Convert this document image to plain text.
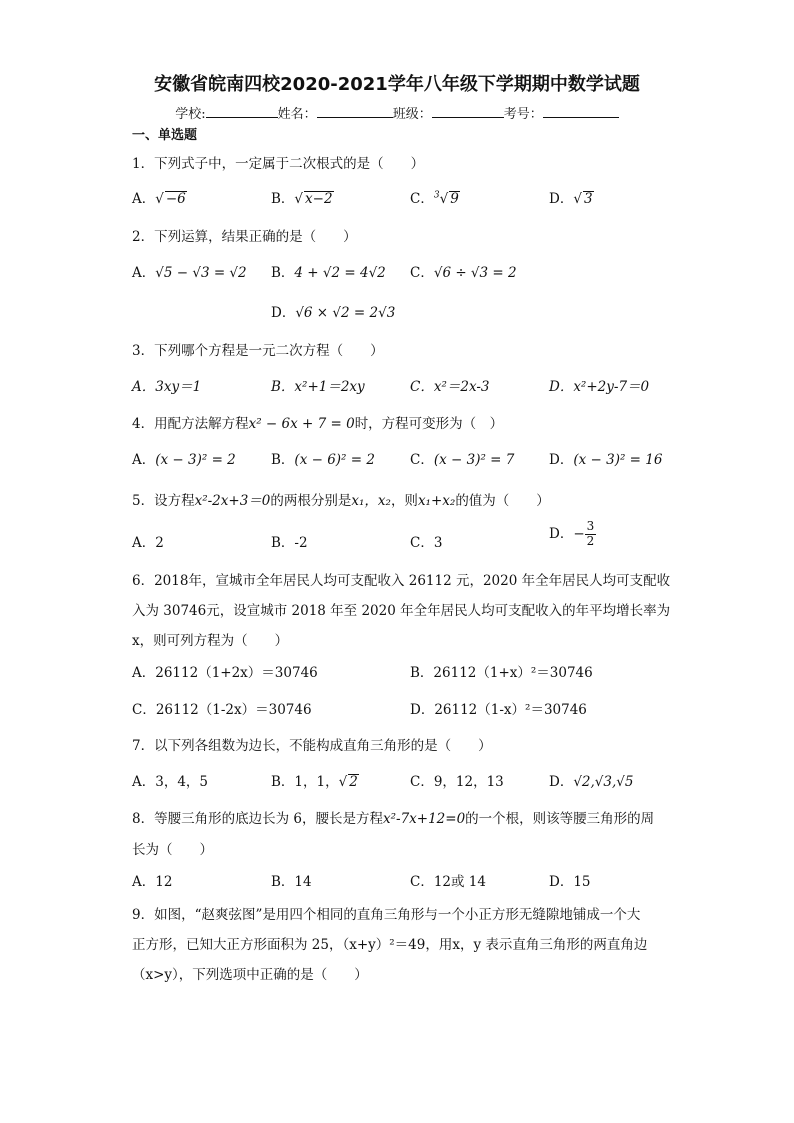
安徽省皖南四校2020-2021学年八年级下学期期中数学试题
学校:	姓名：	班级：	考号：
一、单选题
1．下列式子中，一定属于二次根式的是（　　）
A．√ −6	B．√ x−2	C．$^3$√ 9	D．√ 3
2．下列运算，结果正确的是（　　）
A．√5 − √3 = √2 B．4 + √2 = 4√2 C．√6 ÷ √3 = 2
D．√6 × √2 = 2√3
3．下列哪个方程是一元二次方程（　　）
A．3xy＝1	B．x²+1＝2xy	C．x²＝2x-3	D．x²+2y-7＝0
4．用配方法解方程x² − 6x + 7 = 0时，方程可变形为（　）
A．(x − 3)² = 2	B．(x − 6)² = 2	C．(x − 3)² = 7	D．(x − 3)² = 16
5．设方程x²-2x+3＝0的两根分别是x₁，x₂，则x₁+x₂的值为（　　）
A．2	B．-2	C．3
D．− $\frac{3}{2}$
6．2018年，宣城市全年居民人均可支配收入 26112 元，2020 年全年居民人均可支配收
入为 30746元，设宣城市 2018 年至 2020 年全年居民人均可支配收入的年平均增长率为
x，则可列方程为（　　）
A．26112（1+2x）＝30746	B．26112（1+x）²＝30746
C．26112（1-2x）＝30746	D．26112（1-x）²＝30746
7．以下列各组数为边长，不能构成直角三角形的是（　　）
A．3，4，5	B．1，1，√ 2	C．9，12，13	D．√2,√3,√5
8．等腰三角形的底边长为 6，腰长是方程x²-7x+12=0的一个根，则该等腰三角形的周
长为（　　）
A．12	B．14	C．12或 14	D．15
9．如图，“赵爽弦图”是用四个相同的直角三角形与一个小正方形无缝隙地铺成一个大
正方形，已知大正方形面积为 25，（x+y）²＝49，用x，y 表示直角三角形的两直角边
（x>y），下列选项中正确的是（　　）
